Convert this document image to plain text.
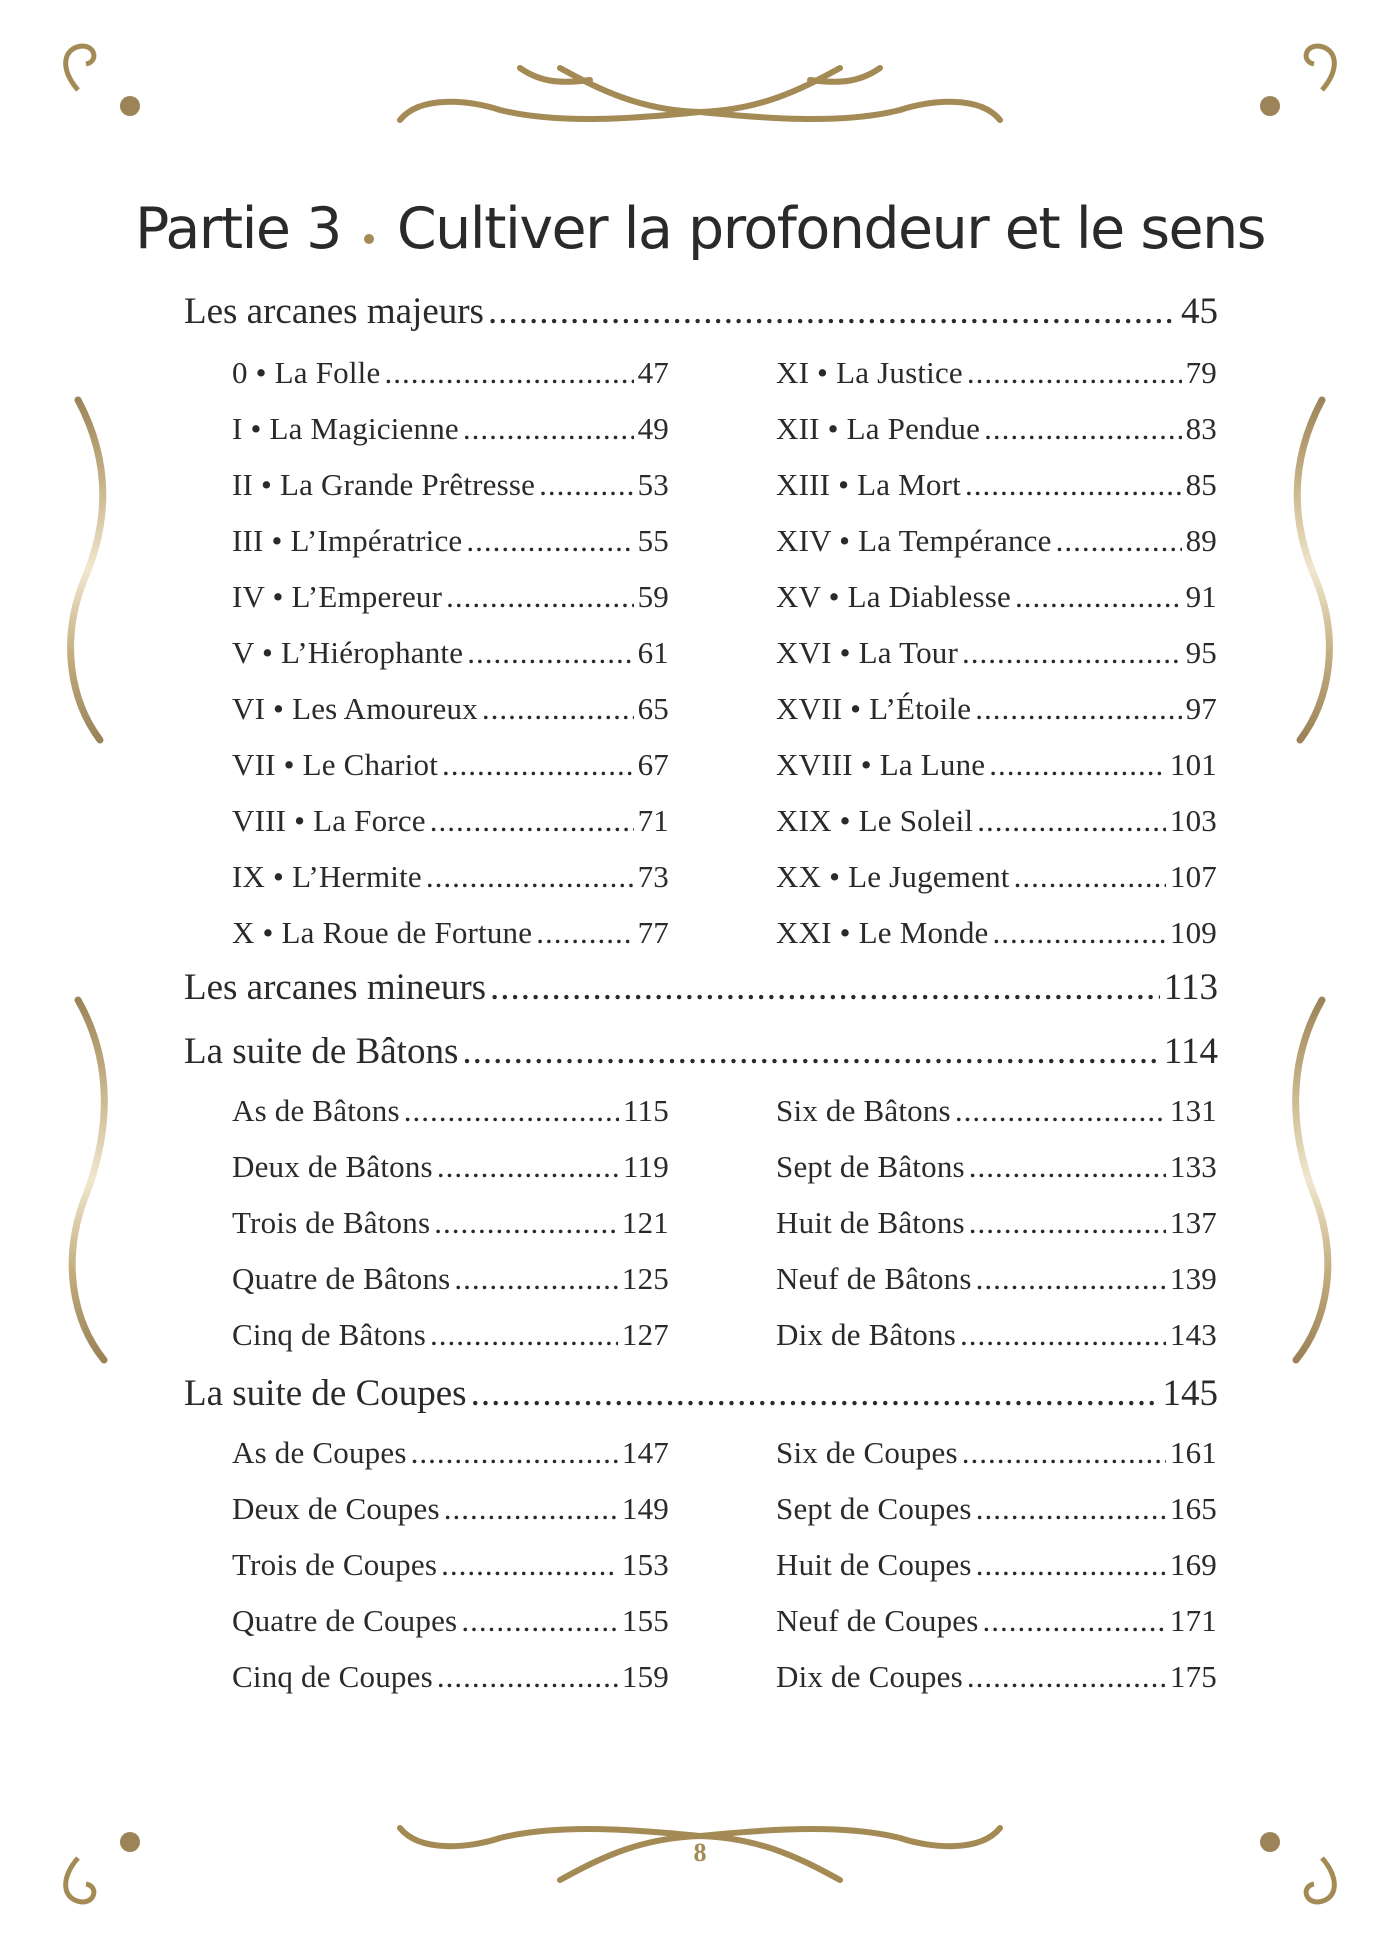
Partie 3 Cultiver la profondeur et le sens
Les arcanes majeurs .....	45
0 • La Folle .....	47
I • La Magicienne .....	49
II • La Grande Prêtresse .....	53
III • L’Impératrice .....	55
IV • L’Empereur .....	59
V • L’Hiérophante .....	61
VI • Les Amoureux .....	65
VII • Le Chariot .....	67
VIII • La Force .....	71
IX • L’Hermite .....	73
X • La Roue de Fortune .....	77
XI • La Justice .....	79
XII • La Pendue .....	83
XIII • La Mort .....	85
XIV • La Tempérance .....	89
XV • La Diablesse .....	91
XVI • La Tour .....	95
XVII • L’Étoile .....	97
XVIII • La Lune .....	101
XIX • Le Soleil .....	103
XX • Le Jugement .....	107
XXI • Le Monde .....	109
Les arcanes mineurs .....	113
La suite de Bâtons .....	114
As de Bâtons .....	115
Deux de Bâtons .....	119
Trois de Bâtons .....	121
Quatre de Bâtons .....	125
Cinq de Bâtons .....	127
Six de Bâtons .....	131
Sept de Bâtons .....	133
Huit de Bâtons .....	137
Neuf de Bâtons .....	139
Dix de Bâtons .....	143
La suite de Coupes .....	145
As de Coupes .....	147
Deux de Coupes .....	149
Trois de Coupes .....	153
Quatre de Coupes .....	155
Cinq de Coupes .....	159
Six de Coupes .....	161
Sept de Coupes .....	165
Huit de Coupes .....	169
Neuf de Coupes .....	171
Dix de Coupes .....	175
8
